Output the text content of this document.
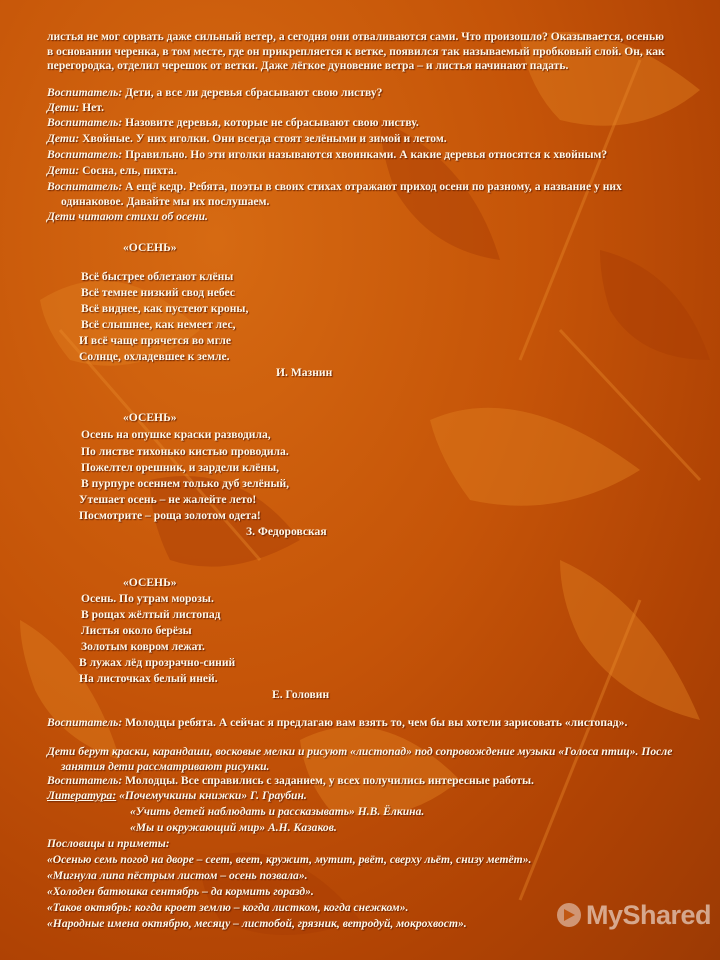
листья не мог сорвать даже сильный ветер, а сегодня они отваливаются сами. Что произошло? Оказывается, осенью в основании черенка, в том месте, где он прикрепляется к ветке, появился так называемый пробковый слой. Он, как перегородка, отделил черешок от ветки. Даже лёгкое дуновение ветра – и листья начинают падать.

Воспитатель: Дети, а все ли деревья сбрасывают свою листву?

Дети: Нет.

Воспитатель: Назовите деревья, которые не сбрасывают свою листву.

Дети: Хвойные. У них иголки. Они всегда стоят зелёными и зимой и летом.

Воспитатель: Правильно. Но эти иголки называются хвоинками. А какие деревья относятся к хвойным?

Дети: Сосна, ель, пихта.

Воспитатель: А ещё кедр. Ребята, поэты в своих стихах отражают приход осени по разному, а название у них одинаковое. Давайте мы их послушаем.

Дети читают стихи об осени.

«ОСЕНЬ»
Всё быстрее облетают клёны
Всё темнее низкий свод небес
Всё виднее, как пустеют кроны,
Всё слышнее, как немеет лес,
И всё чаще прячется во мгле
Солнце, охладевшее к земле.
И. Мазнин
«ОСЕНЬ»
Осень на опушке краски разводила,
По листве тихонько кистью проводила.
Пожелтел орешник, и зардели клёны,
В пурпуре осеннем только дуб зелёный,
Утешает осень – не жалейте лето!
Посмотрите – роща золотом одета!
З. Федоровская
«ОСЕНЬ»
Осень. По утрам морозы.
В рощах жёлтый листопад
Листья около берёзы
Золотым ковром лежат.
В лужах лёд прозрачно-синий
На листочках белый иней.
Е. Головин

Воспитатель: Молодцы ребята. А сейчас я предлагаю вам взять то, чем бы вы хотели зарисовать «листопад».

Дети берут краски, карандаши, восковые мелки и рисуют «листопад» под сопровождение музыки «Голоса птиц». После занятия дети рассматривают рисунки.

Воспитатель: Молодцы. Все справились с заданием, у всех получились интересные работы.

Литература: «Почемучкины книжки» Г. Граубин.

«Учить детей наблюдать и рассказывать» Н.В. Ёлкина.
«Мы и окружающий мир» А.Н. Казаков.

Пословицы и приметы:

«Осенью семь погод на дворе – сеет, веет, кружит, мутит, рвёт, сверху льёт, снизу метёт».

«Мигнула липа пёстрым листом – осень позвала».

«Холоден батюшка сентябрь – да кормить горазд».

«Таков октябрь: когда кроет землю – когда листком, когда снежком».

«Народные имена октябрю, месяцу – листобой, грязник, ветродуй, мокрохвост».	MyShared
